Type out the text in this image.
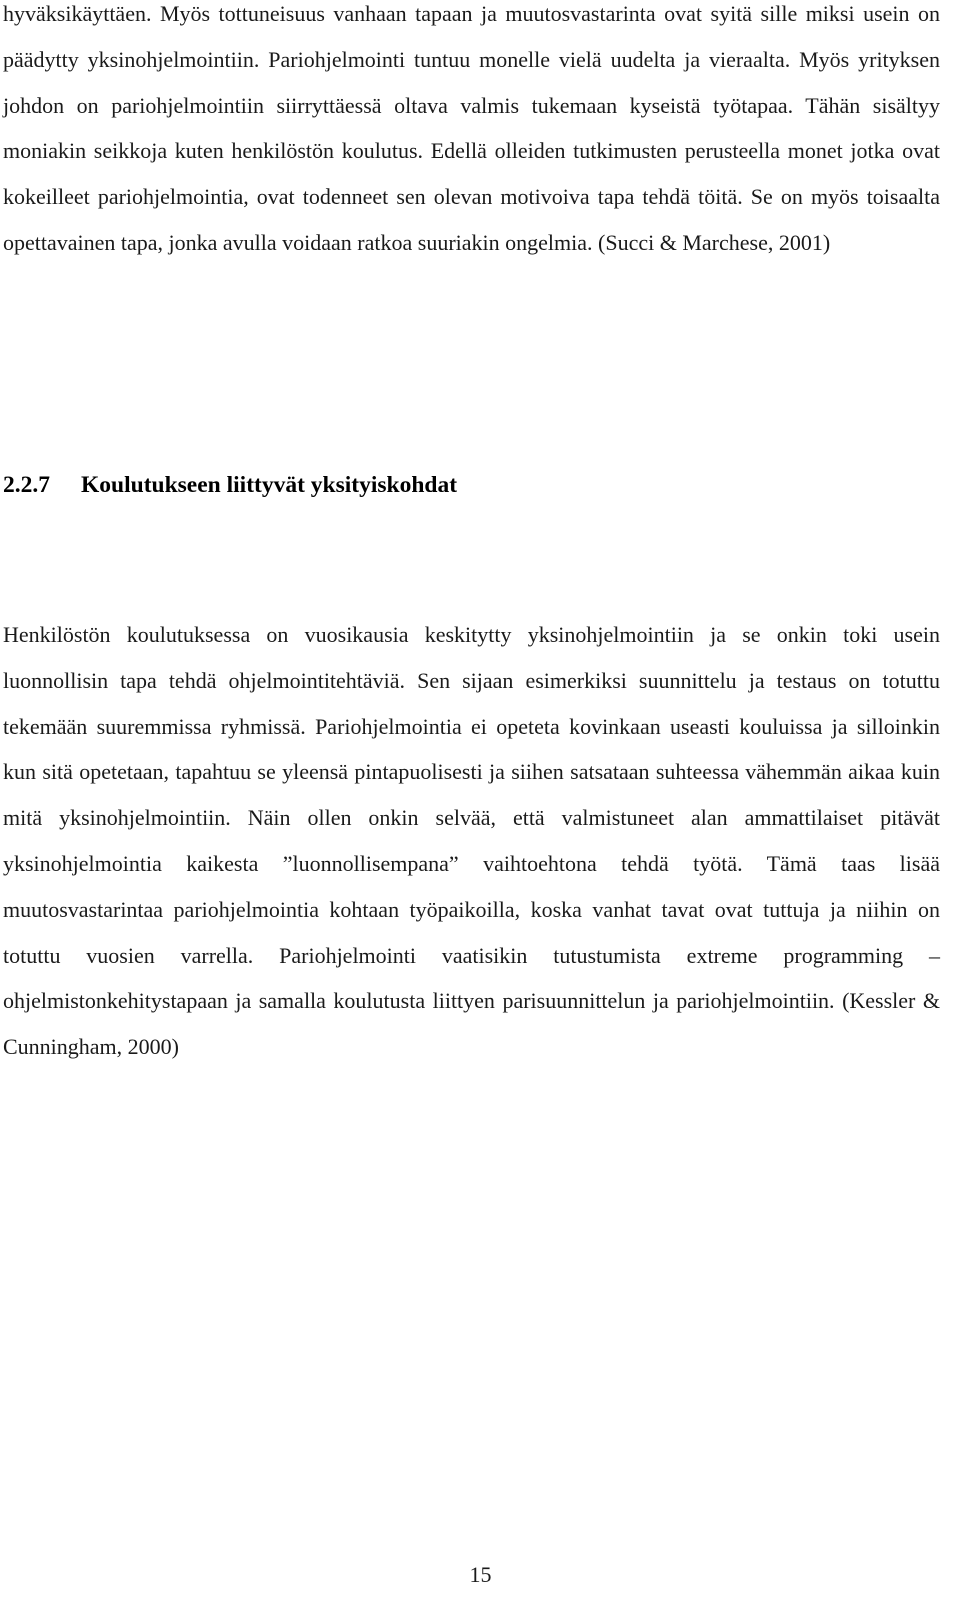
hyväksikäyttäen. Myös tottuneisuus vanhaan tapaan ja muutosvastarinta ovat syitä sille miksi usein on päädytty yksinohjelmointiin. Pariohjelmointi tuntuu monelle vielä uudelta ja vieraalta. Myös yrityksen johdon on pariohjelmointiin siirryttäessä oltava valmis tukemaan kyseistä työtapaa. Tähän sisältyy moniakin seikkoja kuten henkilöstön koulutus. Edellä olleiden tutkimusten perusteella monet jotka ovat kokeilleet pariohjelmointia, ovat todenneet sen olevan motivoiva tapa tehdä töitä. Se on myös toisaalta opettavainen tapa, jonka avulla voidaan ratkoa suuriakin ongelmia. (Succi & Marchese, 2001)

2.2.7 Koulutukseen liittyvät yksityiskohdat

Henkilöstön koulutuksessa on vuosikausia keskitytty yksinohjelmointiin ja se onkin toki usein luonnollisin tapa tehdä ohjelmointitehtäviä. Sen sijaan esimerkiksi suunnittelu ja testaus on totuttu tekemään suuremmissa ryhmissä. Pariohjelmointia ei opeteta kovinkaan useasti kouluissa ja silloinkin kun sitä opetetaan, tapahtuu se yleensä pintapuolisesti ja siihen satsataan suhteessa vähemmän aikaa kuin mitä yksinohjelmointiin. Näin ollen onkin selvää, että valmistuneet alan ammattilaiset pitävät yksinohjelmointia kaikesta ”luonnollisempana” vaihtoehtona tehdä työtä. Tämä taas lisää muutosvastarintaa pariohjelmointia kohtaan työpaikoilla, koska vanhat tavat ovat tuttuja ja niihin on totuttu vuosien varrella. Pariohjelmointi vaatisikin tutustumista extreme programming – ohjelmistonkehitystapaan ja samalla koulutusta liittyen parisuunnittelun ja pariohjelmointiin. (Kessler & Cunningham, 2000)

15
